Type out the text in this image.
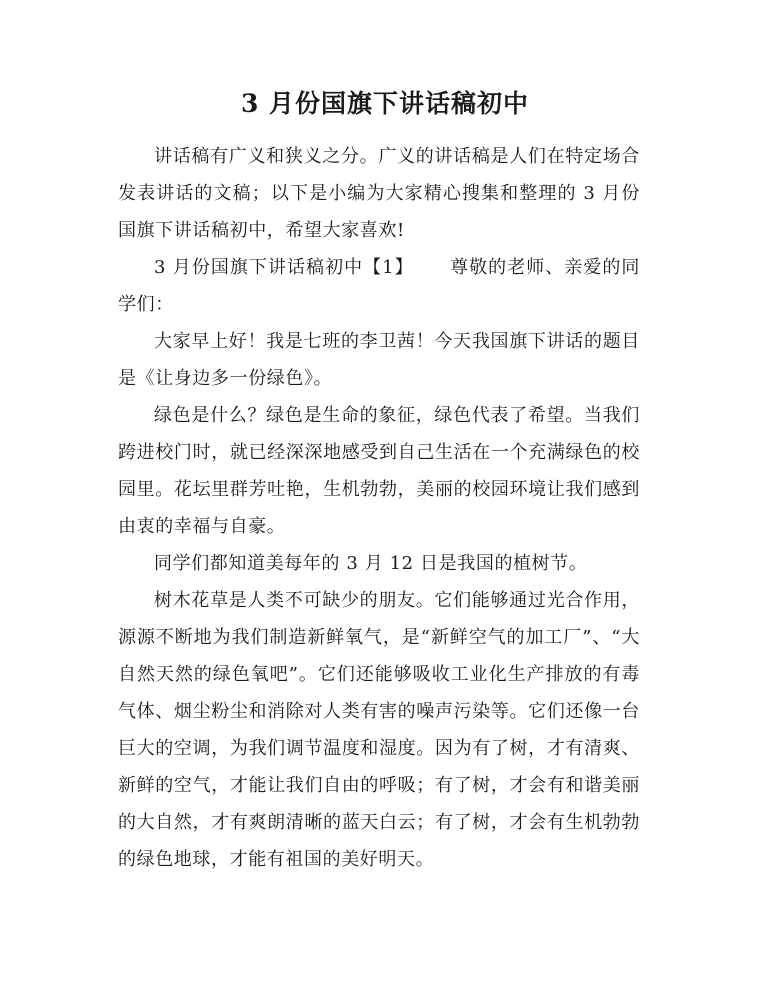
3 月份国旗下讲话稿初中

讲话稿有广义和狭义之分。广义的讲话稿是人们在特定场合发表讲话的文稿；以下是小编为大家精心搜集和整理的 3 月份国旗下讲话稿初中，希望大家喜欢!

3 月份国旗下讲话稿初中【1】 尊敬的老师、亲爱的同学们：

大家早上好！我是七班的李卫茜！今天我国旗下讲话的题目是《让身边多一份绿色》。

绿色是什么？绿色是生命的象征，绿色代表了希望。当我们跨进校门时，就已经深深地感受到自己生活在一个充满绿色的校园里。花坛里群芳吐艳，生机勃勃，美丽的校园环境让我们感到由衷的幸福与自豪。

同学们都知道美每年的 3 月 12 日是我国的植树节。

树木花草是人类不可缺少的朋友。它们能够通过光合作用，源源不断地为我们制造新鲜氧气，是“新鲜空气的加工厂”、“大自然天然的绿色氧吧”。它们还能够吸收工业化生产排放的有毒气体、烟尘粉尘和消除对人类有害的噪声污染等。它们还像一台巨大的空调，为我们调节温度和湿度。因为有了树，才有清爽、新鲜的空气，才能让我们自由的呼吸；有了树，才会有和谐美丽的大自然，才有爽朗清晰的蓝天白云；有了树，才会有生机勃勃的绿色地球，才能有祖国的美好明天。
